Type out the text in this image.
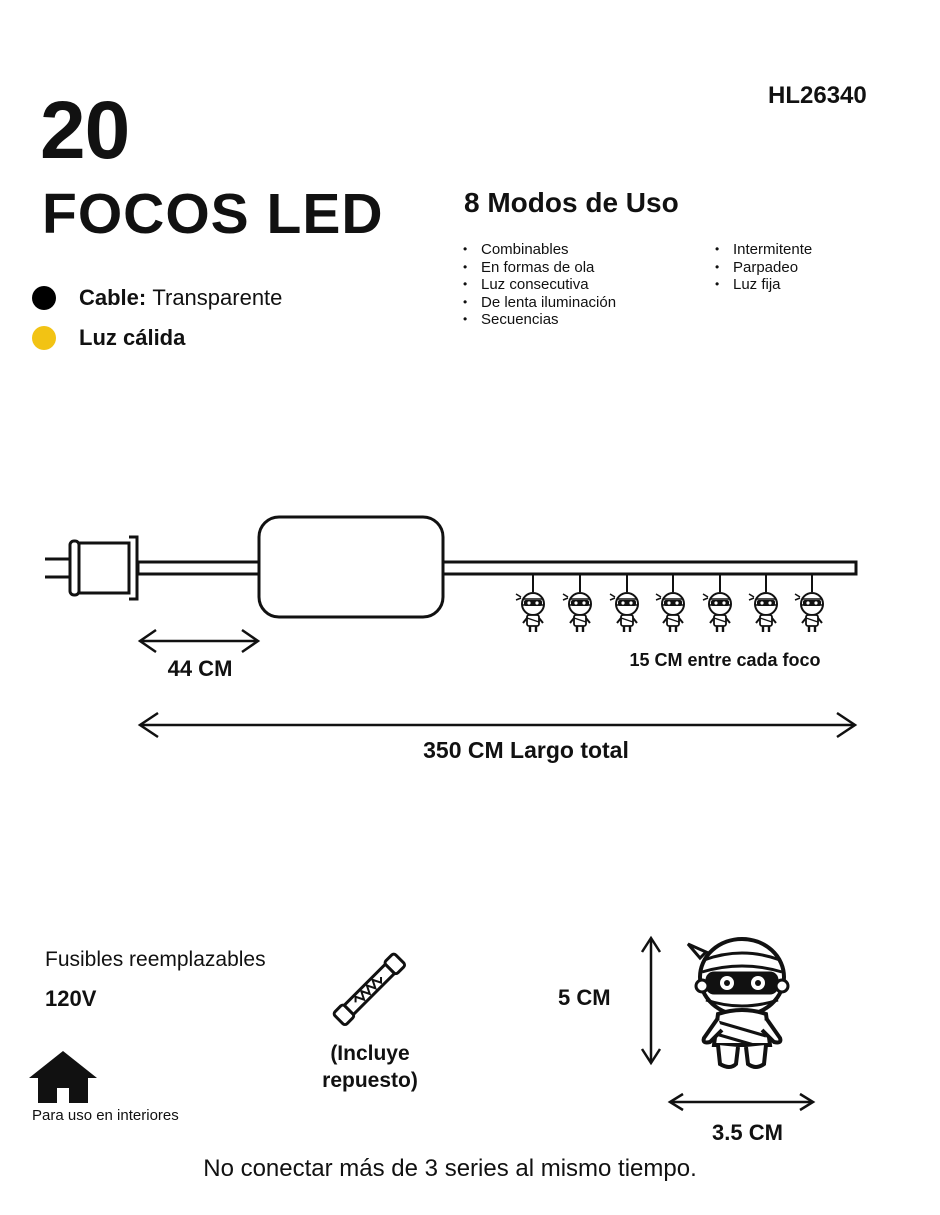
20
FOCOS LED
HL26340
Cable:
Transparente
Luz cálida
8 Modos de Uso
• Combinables
• En formas de ola
• Luz consecutiva
• De lenta iluminación
• Secuencias
• Intermitente
• Parpadeo
• Luz fija
44 CM	15 CM entre cada foco
350 CM Largo total
Fusibles reemplazables
120V
Para uso en interiores
(Incluye
repuesto)
5 CM
3.5 CM
No conectar más de 3 series al mismo tiempo.
